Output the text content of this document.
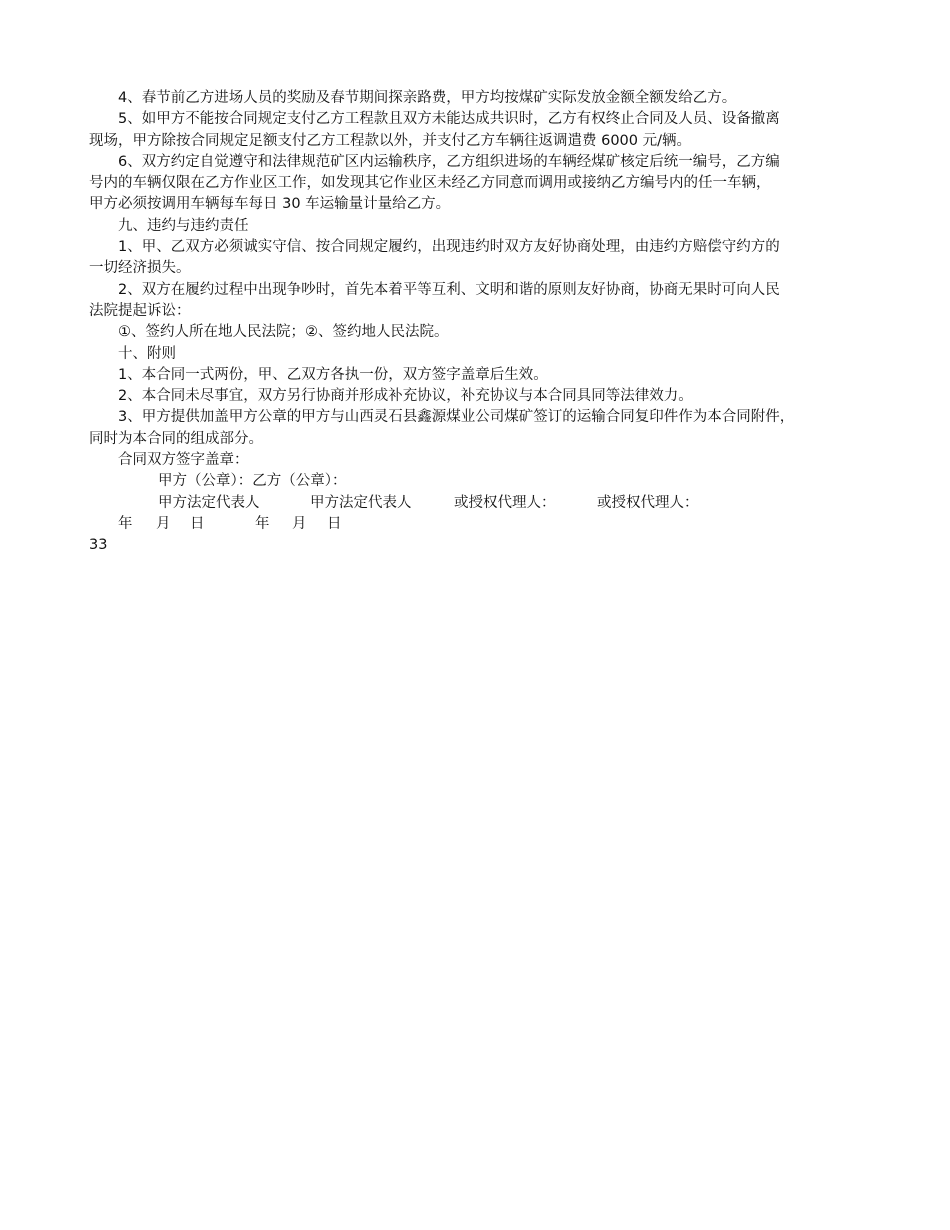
4、春节前乙方进场人员的奖励及春节期间探亲路费，甲方均按煤矿实际发放金额全额发给乙方。

5、如甲方不能按合同规定支付乙方工程款且双方未能达成共识时，乙方有权终止合同及人员、设备撤离

现场，甲方除按合同规定足额支付乙方工程款以外，并支付乙方车辆往返调遣费 6000 元/辆。

6、双方约定自觉遵守和法律规范矿区内运输秩序，乙方组织进场的车辆经煤矿核定后统一编号，乙方编

号内的车辆仅限在乙方作业区工作，如发现其它作业区未经乙方同意而调用或接纳乙方编号内的任一车辆，

甲方必须按调用车辆每车每日 30 车运输量计量给乙方。

九、违约与违约责任

1、甲、乙双方必须诚实守信、按合同规定履约，出现违约时双方友好协商处理，由违约方赔偿守约方的

一切经济损失。

2、双方在履约过程中出现争吵时，首先本着平等互利、文明和谐的原则友好协商，协商无果时可向人民

法院提起诉讼：

①、签约人所在地人民法院；②、签约地人民法院。

十、附则

1、本合同一式两份，甲、乙双方各执一份，双方签字盖章后生效。

2、本合同未尽事宜，双方另行协商并形成补充协议，补充协议与本合同具同等法律效力。

3、甲方提供加盖甲方公章的甲方与山西灵石县鑫源煤业公司煤矿签订的运输合同复印件作为本合同附件，

同时为本合同的组成部分。

合同双方签字盖章：

甲方（公章）：乙方（公章）：

甲方法定代表人	甲方法定代表人	或授权代理人：	或授权代理人：
年 月 日	年 月 日

33
